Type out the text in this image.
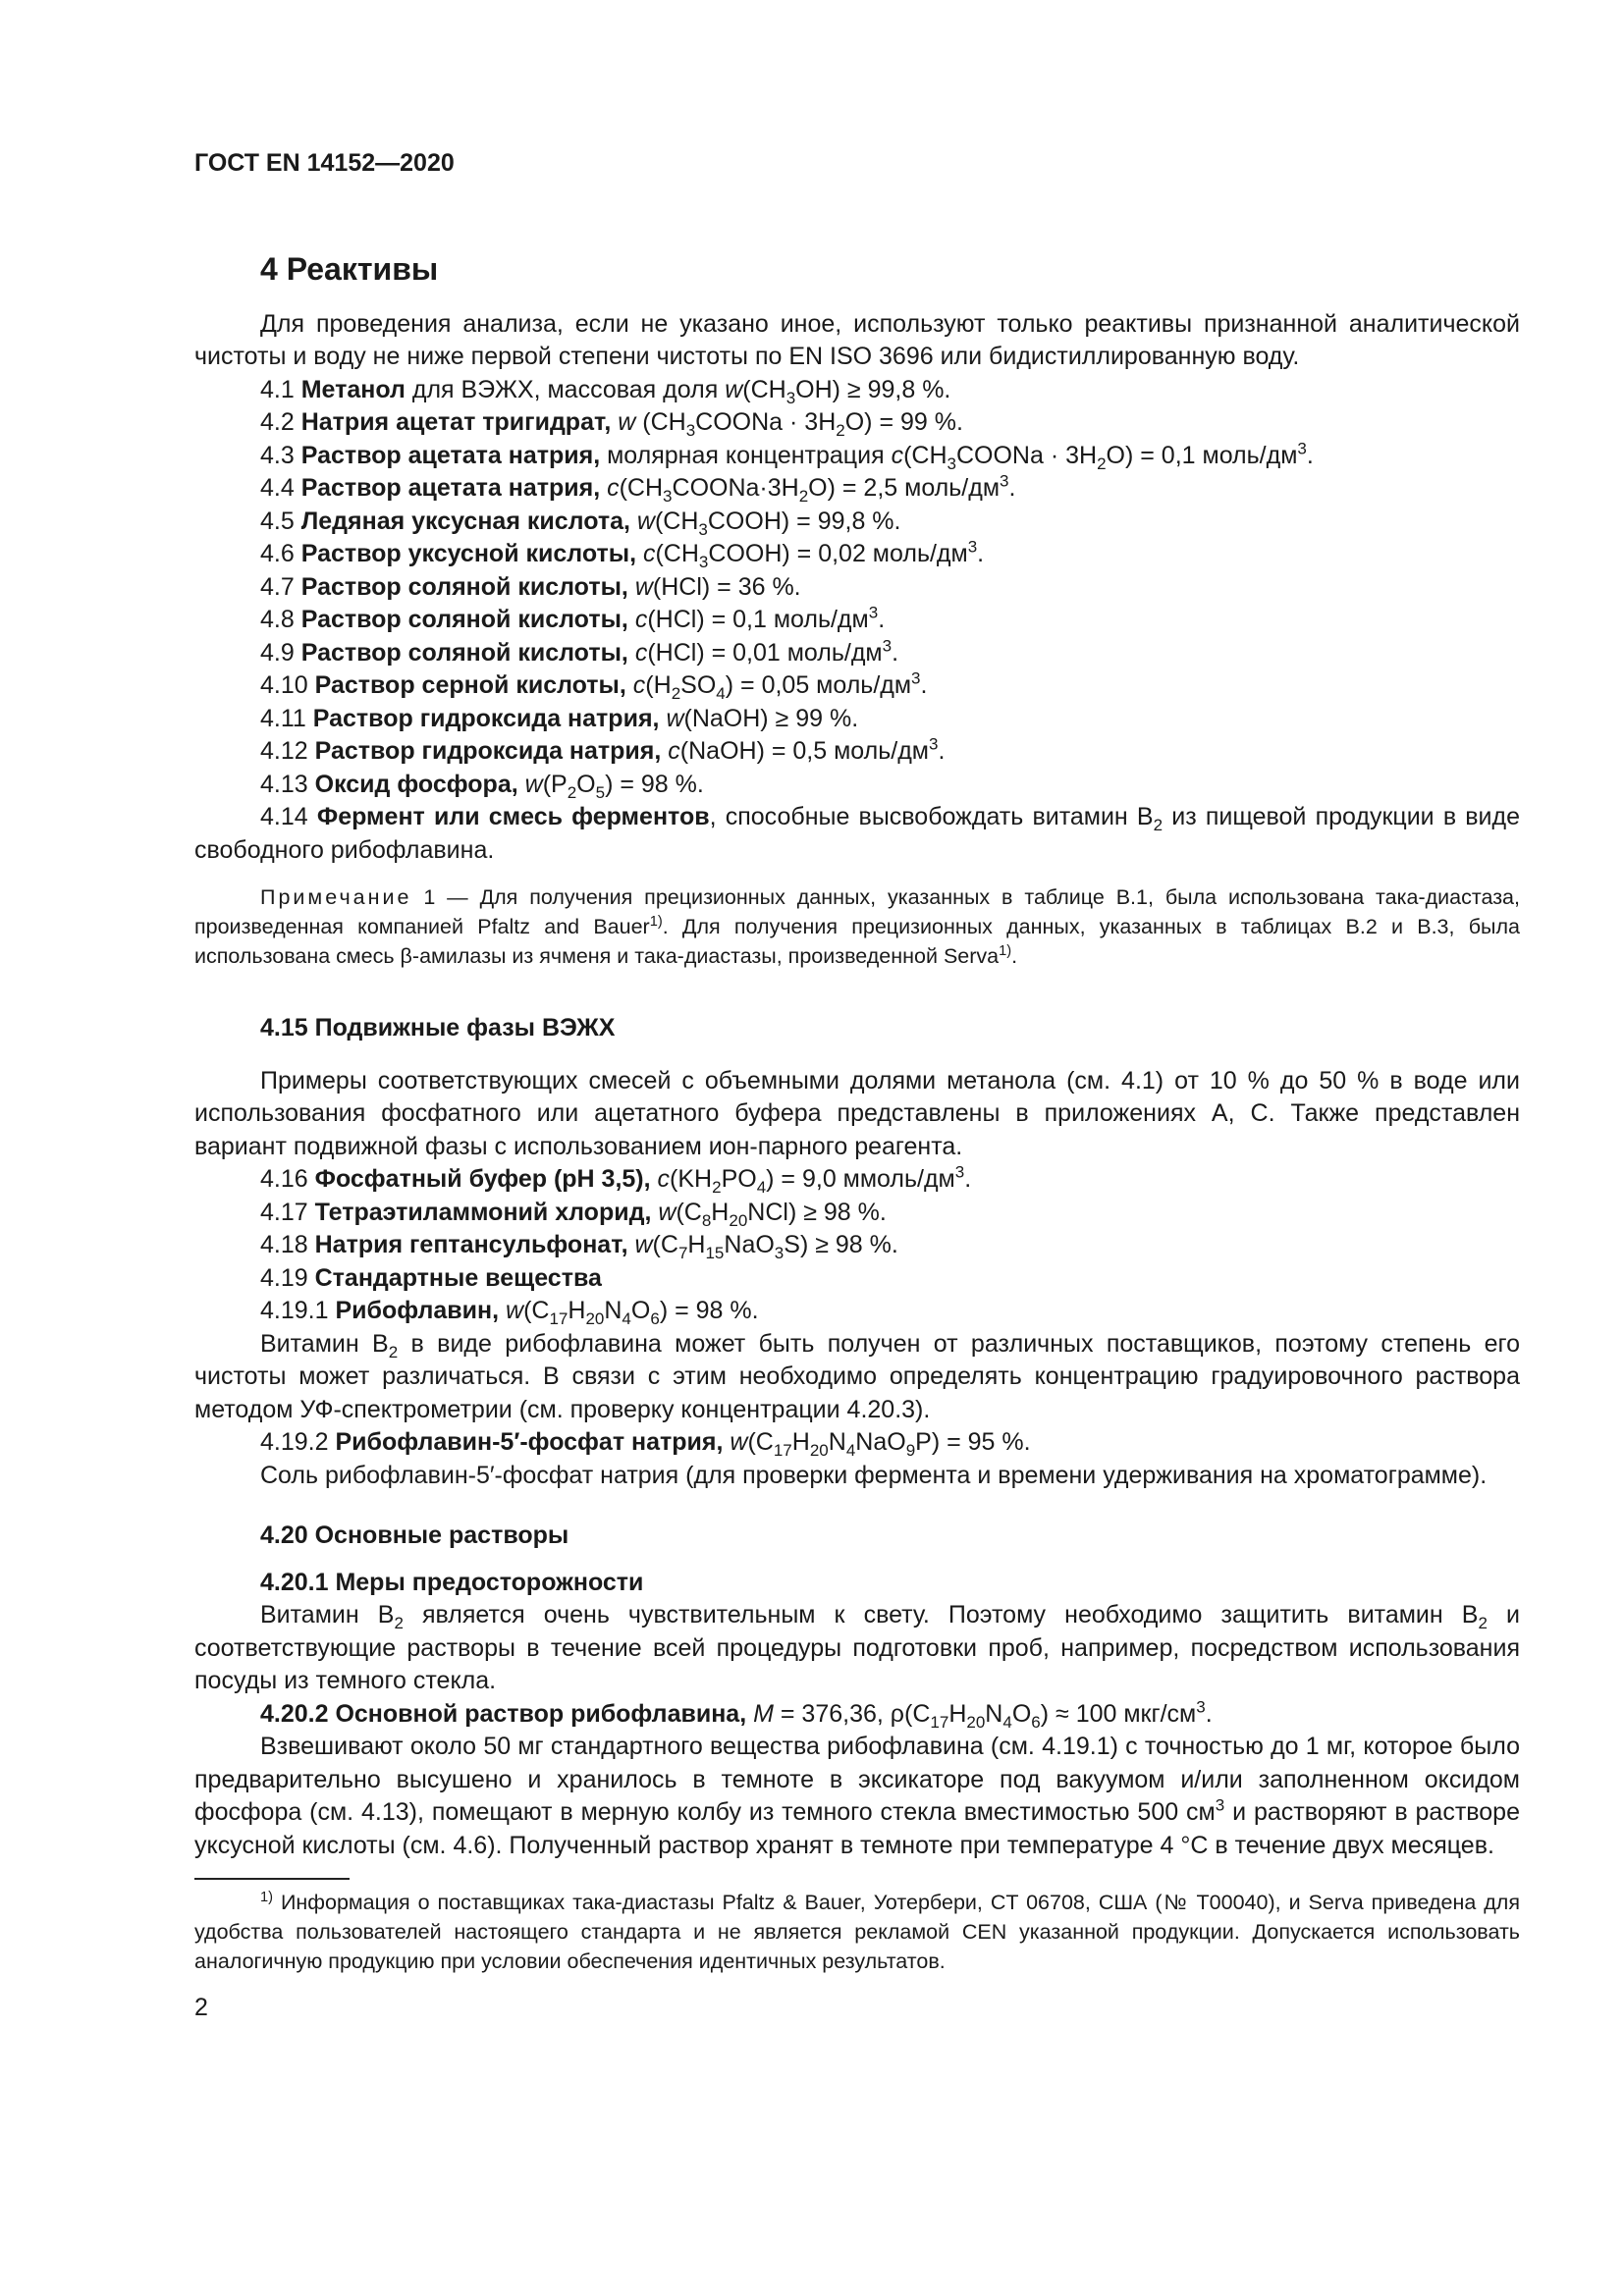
ГОСТ EN 14152—2020

4 Реактивы

Для проведения анализа, если не указано иное, используют только реактивы признанной аналитической чистоты и воду не ниже первой степени чистоты по EN ISO 3696 или бидистиллированную воду.

4.1 Метанол для ВЭЖХ, массовая доля $w(CH_3OH) \ge 99,8$ %.

4.2 Натрия ацетат тригидрат, w $(CH_3COONa \cdot 3H_2O) = 99$ %.

4.3 Раствор ацетата натрия, молярная концентрация $c(CH_3COONa \cdot 3H_2O) = 0,1$ моль/$дм^3$.

4.4 Раствор ацетата натрия, $c(CH_3COONa\cdot 3H_2O) = 2,5$ моль/$дм^3$.

4.5 Ледяная уксусная кислота, $w(CH_3COOH) = 99,8$ %.

4.6 Раствор уксусной кислоты, $c(CH_3COOH) = 0,02$ моль/$дм^3$.

4.7 Раствор соляной кислоты, w(HCl) = 36 %.

4.8 Раствор соляной кислоты, c(HCl) = 0,1 моль/$дм^3$.

4.9 Раствор соляной кислоты, c(HCl) = 0,01 моль/$дм^3$.

4.10 Раствор серной кислоты, $c(H_2SO_4) = 0,05$ моль/$дм^3$.

4.11 Раствор гидроксида натрия, w(NaOH) ≥ 99 %.

4.12 Раствор гидроксида натрия, c(NaOH) = 0,5 моль/$дм^3$.

4.13 Оксид фосфора, $w(P_2O_5) = 98$ %.

4.14 Фермент или смесь ферментов, способные высвобождать витамин $B_2$ из пищевой продукции в виде свободного рибофлавина.

Примечание 1 — Для получения прецизионных данных, указанных в таблице B.1, была использована така-диастаза, произведенная компанией Pfaltz and Bauer$^{1)}$. Для получения прецизионных данных, указанных в таблицах B.2 и B.3, была использована смесь β-амилазы из ячменя и така-диастазы, произведенной Serva$^{1)}$.

4.15 Подвижные фазы ВЭЖХ

Примеры соответствующих смесей с объемными долями метанола (см. 4.1) от 10 % до 50 % в воде или использования фосфатного или ацетатного буфера представлены в приложениях А, С. Также представлен вариант подвижной фазы с использованием ион-парного реагента.

4.16 Фосфатный буфер (pH 3,5), $c(KH_2PO_4) = 9,0$ ммоль/$дм^3$.

4.17 Тетраэтиламмоний хлорид, $w(C_8H_{20}NCl) \ge 98$ %.

4.18 Натрия гептансульфонат, $w(C_7H_{15}NaO_3S) \ge 98$ %.

4.19 Стандартные вещества

4.19.1 Рибофлавин, $w(C_{17}H_{20}N_4O_6) = 98$ %.

Витамин $B_2$ в виде рибофлавина может быть получен от различных поставщиков, поэтому степень его чистоты может различаться. В связи с этим необходимо определять концентрацию градуировочного раствора методом УФ-спектрометрии (см. проверку концентрации 4.20.3).

4.19.2 Рибофлавин-5′-фосфат натрия, $w(C_{17}H_{20}N_4NaO_9P) = 95$ %.

Соль рибофлавин-5′-фосфат натрия (для проверки фермента и времени удерживания на хроматограмме).

4.20 Основные растворы

4.20.1 Меры предосторожности

Витамин $B_2$ является очень чувствительным к свету. Поэтому необходимо защитить витамин $B_2$ и соответствующие растворы в течение всей процедуры подготовки проб, например, посредством использования посуды из темного стекла.

4.20.2 Основной раствор рибофлавина, M = 376,36, $\rho(C_{17}H_{20}N_4O_6) \approx 100$ мкг/$см^3$.

Взвешивают около 50 мг стандартного вещества рибофлавина (см. 4.19.1) с точностью до 1 мг, которое было предварительно высушено и хранилось в темноте в эксикаторе под вакуумом и/или заполненном оксидом фосфора (см. 4.13), помещают в мерную колбу из темного стекла вместимостью 500 $см^3$ и растворяют в растворе уксусной кислоты (см. 4.6). Полученный раствор хранят в темноте при температуре 4 °С в течение двух месяцев.

$^{1)}$ Информация о поставщиках така-диастазы Pfaltz & Bauer, Уотербери, CT 06708, США (№ T00040), и Serva приведена для удобства пользователей настоящего стандарта и не является рекламой CEN указанной продукции. Допускается использовать аналогичную продукцию при условии обеспечения идентичных результатов.

2
